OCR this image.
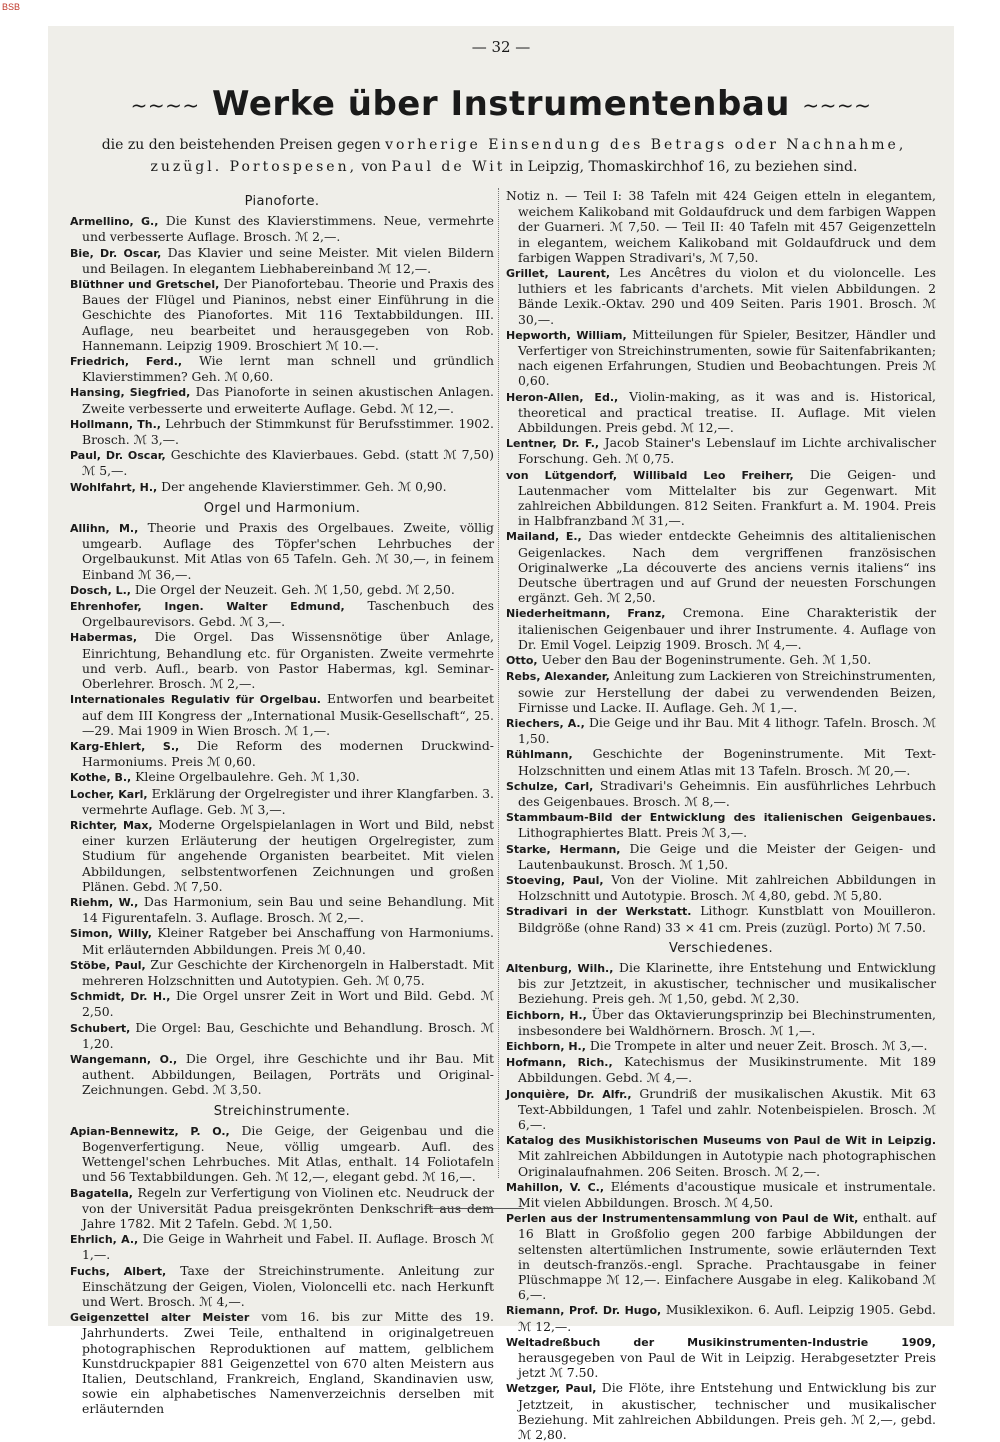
BSB
— 32 —
~~~~ Werke über Instrumentenbau ~~~~
die zu den beistehenden Preisen gegen vorherige Einsendung des Betrags oder Nachnahme, zuzügl. Portospesen, von Paul de Wit in Leipzig, Thomaskirchhof 16, zu beziehen sind.
Pianoforte.

Armellino, G., Die Kunst des Klavierstimmens. Neue, vermehrte und verbesserte Auflage. Brosch. ℳ 2,—.

Bie, Dr. Oscar, Das Klavier und seine Meister. Mit vielen Bildern und Beilagen. In elegantem Liebhabereinband ℳ 12,—.

Blüthner und Gretschel, Der Pianofortebau. Theorie und Praxis des Baues der Flügel und Pianinos, nebst einer Einführung in die Geschichte des Pianofortes. Mit 116 Textabbildungen. III. Auflage, neu bearbeitet und herausgegeben von Rob. Hannemann. Leipzig 1909. Broschiert ℳ 10.—.

Friedrich, Ferd., Wie lernt man schnell und gründlich Klavierstimmen? Geh. ℳ 0,60.

Hansing, Siegfried, Das Pianoforte in seinen akustischen Anlagen. Zweite verbesserte und erweiterte Auflage. Gebd. ℳ 12,—.

Hollmann, Th., Lehrbuch der Stimmkunst für Berufsstimmer. 1902. Brosch. ℳ 3,—.

Paul, Dr. Oscar, Geschichte des Klavierbaues. Gebd. (statt ℳ 7,50) ℳ 5,—.

Wohlfahrt, H., Der angehende Klavierstimmer. Geh. ℳ 0,90.

Orgel und Harmonium.

Allihn, M., Theorie und Praxis des Orgelbaues. Zweite, völlig umgearb. Auflage des Töpfer'schen Lehrbuches der Orgelbaukunst. Mit Atlas von 65 Tafeln. Geh. ℳ 30,—, in feinem Einband ℳ 36,—.

Dosch, L., Die Orgel der Neuzeit. Geh. ℳ 1,50, gebd. ℳ 2,50.

Ehrenhofer, Ingen. Walter Edmund, Taschenbuch des Orgelbaurevisors. Gebd. ℳ 3,—.

Habermas, Die Orgel. Das Wissensnötige über Anlage, Einrichtung, Behandlung etc. für Organisten. Zweite vermehrte und verb. Aufl., bearb. von Pastor Habermas, kgl. Seminar-Oberlehrer. Brosch. ℳ 2,—.

Internationales Regulativ für Orgelbau. Entworfen und bearbeitet auf dem III Kongress der „International Musik-Gesellschaft“, 25.—29. Mai 1909 in Wien Brosch. ℳ 1,—.

Karg-Ehlert, S., Die Reform des modernen Druckwind-Harmoniums. Preis ℳ 0,60.

Kothe, B., Kleine Orgelbaulehre. Geh. ℳ 1,30.

Locher, Karl, Erklärung der Orgelregister und ihrer Klangfarben. 3. vermehrte Auflage. Geb. ℳ 3,—.

Richter, Max, Moderne Orgelspielanlagen in Wort und Bild, nebst einer kurzen Erläuterung der heutigen Orgelregister, zum Studium für angehende Organisten bearbeitet. Mit vielen Abbildungen, selbstentworfenen Zeichnungen und großen Plänen. Gebd. ℳ 7,50.

Riehm, W., Das Harmonium, sein Bau und seine Behandlung. Mit 14 Figurentafeln. 3. Auflage. Brosch. ℳ 2,—.

Simon, Willy, Kleiner Ratgeber bei Anschaffung von Harmoniums. Mit erläuternden Abbildungen. Preis ℳ 0,40.

Stöbe, Paul, Zur Geschichte der Kirchenorgeln in Halberstadt. Mit mehreren Holzschnitten und Autotypien. Geh. ℳ 0,75.

Schmidt, Dr. H., Die Orgel unsrer Zeit in Wort und Bild. Gebd. ℳ 2,50.

Schubert, Die Orgel: Bau, Geschichte und Behandlung. Brosch. ℳ 1,20.

Wangemann, O., Die Orgel, ihre Geschichte und ihr Bau. Mit authent. Abbildungen, Beilagen, Porträts und Original-Zeichnungen. Gebd. ℳ 3,50.

Streichinstrumente.

Apian-Bennewitz, P. O., Die Geige, der Geigenbau und die Bogenverfertigung. Neue, völlig umgearb. Aufl. des Wettengel'schen Lehrbuches. Mit Atlas, enthalt. 14 Foliotafeln und 56 Textabbildungen. Geh. ℳ 12,—, elegant gebd. ℳ 16,—.

Bagatella, Regeln zur Verfertigung von Violinen etc. Neudruck der von der Universität Padua preisgekrönten Denkschrift aus dem Jahre 1782. Mit 2 Tafeln. Gebd. ℳ 1,50.

Ehrlich, A., Die Geige in Wahrheit und Fabel. II. Auflage. Brosch ℳ 1,—.

Fuchs, Albert, Taxe der Streichinstrumente. Anleitung zur Einschätzung der Geigen, Violen, Violoncelli etc. nach Herkunft und Wert. Brosch. ℳ 4,—.

Geigenzettel alter Meister vom 16. bis zur Mitte des 19. Jahrhunderts. Zwei Teile, enthaltend in originalgetreuen photographischen Reproduktionen auf mattem, gelblichem Kunstdruckpapier 881 Geigenzettel von 670 alten Meistern aus Italien, Deutschland, Frankreich, England, Skandinavien usw, sowie ein alphabetisches Namenverzeichnis derselben mit erläuternden

Notiz n. — Teil I: 38 Tafeln mit 424 Geigen etteln in elegantem, weichem Kalikoband mit Goldaufdruck und dem farbigen Wappen der Guarneri. ℳ 7,50. — Teil II: 40 Tafeln mit 457 Geigenzetteln in elegantem, weichem Kalikoband mit Goldaufdruck und dem farbigen Wappen Stradivari's, ℳ 7,50.

Grillet, Laurent, Les Ancêtres du violon et du violoncelle. Les luthiers et les fabricants d'archets. Mit vielen Abbildungen. 2 Bände Lexik.-Oktav. 290 und 409 Seiten. Paris 1901. Brosch. ℳ 30,—.

Hepworth, William, Mitteilungen für Spieler, Besitzer, Händler und Verfertiger von Streichinstrumenten, sowie für Saitenfabrikanten; nach eigenen Erfahrungen, Studien und Beobachtungen. Preis ℳ 0,60.

Heron-Allen, Ed., Violin-making, as it was and is. Historical, theoretical and practical treatise. II. Auflage. Mit vielen Abbildungen. Preis gebd. ℳ 12,—.

Lentner, Dr. F., Jacob Stainer's Lebenslauf im Lichte archivalischer Forschung. Geh. ℳ 0,75.

von Lütgendorf, Willibald Leo Freiherr, Die Geigen- und Lautenmacher vom Mittelalter bis zur Gegenwart. Mit zahlreichen Abbildungen. 812 Seiten. Frankfurt a. M. 1904. Preis in Halbfranzband ℳ 31,—.

Mailand, E., Das wieder entdeckte Geheimnis des altitalienischen Geigenlackes. Nach dem vergriffenen französischen Originalwerke „La découverte des anciens vernis italiens“ ins Deutsche übertragen und auf Grund der neuesten Forschungen ergänzt. Geh. ℳ 2,50.

Niederheitmann, Franz, Cremona. Eine Charakteristik der italienischen Geigenbauer und ihrer Instrumente. 4. Auflage von Dr. Emil Vogel. Leipzig 1909. Brosch. ℳ 4,—.

Otto, Ueber den Bau der Bogeninstrumente. Geh. ℳ 1,50.

Rebs, Alexander, Anleitung zum Lackieren von Streichinstrumenten, sowie zur Herstellung der dabei zu verwendenden Beizen, Firnisse und Lacke. II. Auflage. Geh. ℳ 1,—.

Riechers, A., Die Geige und ihr Bau. Mit 4 lithogr. Tafeln. Brosch. ℳ 1,50.

Rühlmann, Geschichte der Bogeninstrumente. Mit Text-Holzschnitten und einem Atlas mit 13 Tafeln. Brosch. ℳ 20,—.

Schulze, Carl, Stradivari's Geheimnis. Ein ausführliches Lehrbuch des Geigenbaues. Brosch. ℳ 8,—.

Stammbaum-Bild der Entwicklung des italienischen Geigenbaues. Lithographiertes Blatt. Preis ℳ 3,—.

Starke, Hermann, Die Geige und die Meister der Geigen- und Lautenbaukunst. Brosch. ℳ 1,50.

Stoeving, Paul, Von der Violine. Mit zahlreichen Abbildungen in Holzschnitt und Autotypie. Brosch. ℳ 4,80, gebd. ℳ 5,80.

Stradivari in der Werkstatt. Lithogr. Kunstblatt von Mouilleron. Bildgröße (ohne Rand) 33 × 41 cm. Preis (zuzügl. Porto) ℳ 7.50.

Verschiedenes.

Altenburg, Wilh., Die Klarinette, ihre Entstehung und Entwicklung bis zur Jetztzeit, in akustischer, technischer und musikalischer Beziehung. Preis geh. ℳ 1,50, gebd. ℳ 2,30.

Eichborn, H., Über das Oktavierungsprinzip bei Blechinstrumenten, insbesondere bei Waldhörnern. Brosch. ℳ 1,—.

Eichborn, H., Die Trompete in alter und neuer Zeit. Brosch. ℳ 3,—.

Hofmann, Rich., Katechismus der Musikinstrumente. Mit 189 Abbildungen. Gebd. ℳ 4,—.

Jonquière, Dr. Alfr., Grundriß der musikalischen Akustik. Mit 63 Text-Abbildungen, 1 Tafel und zahlr. Notenbeispielen. Brosch. ℳ 6,—.

Katalog des Musikhistorischen Museums von Paul de Wit in Leipzig. Mit zahlreichen Abbildungen in Autotypie nach photographischen Originalaufnahmen. 206 Seiten. Brosch. ℳ 2,—.

Mahillon, V. C., Eléments d'acoustique musicale et instrumentale. Mit vielen Abbildungen. Brosch. ℳ 4,50.

Perlen aus der Instrumentensammlung von Paul de Wit, enthalt. auf 16 Blatt in Großfolio gegen 200 farbige Abbildungen der seltensten altertümlichen Instrumente, sowie erläuternden Text in deutsch-französ.-engl. Sprache. Prachtausgabe in feiner Plüschmappe ℳ 12,—. Einfachere Ausgabe in eleg. Kalikoband ℳ 6,—.

Riemann, Prof. Dr. Hugo, Musiklexikon. 6. Aufl. Leipzig 1905. Gebd. ℳ 12,—.

Weltadreßbuch der Musikinstrumenten-Industrie 1909, herausgegeben von Paul de Wit in Leipzig. Herabgesetzter Preis jetzt ℳ 7.50.

Wetzger, Paul, Die Flöte, ihre Entstehung und Entwicklung bis zur Jetztzeit, in akustischer, technischer und musikalischer Beziehung. Mit zahlreichen Abbildungen. Preis geh. ℳ 2,—, gebd. ℳ 2,80.
